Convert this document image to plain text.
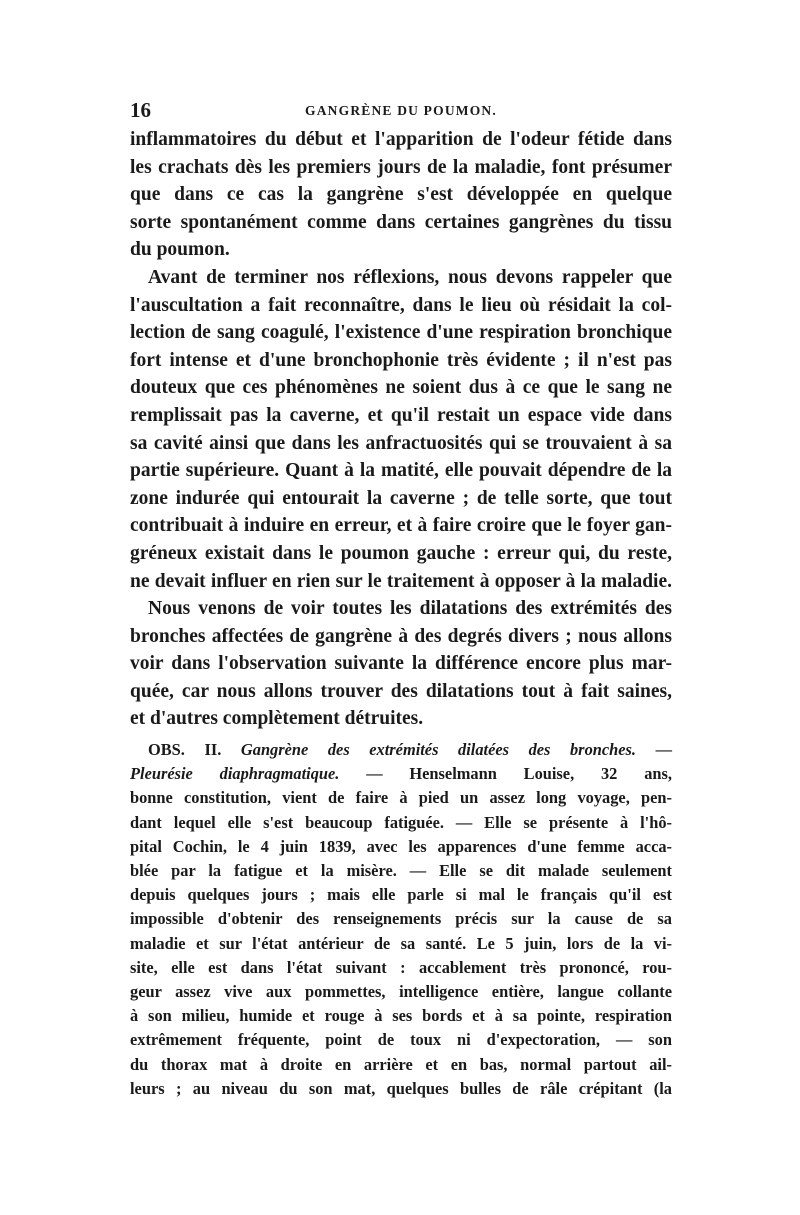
16	GANGRÈNE DU POUMON.
inflammatoires du début et l'apparition de l'odeur fétide dans
les crachats dès les premiers jours de la maladie, font présumer
que dans ce cas la gangrène s'est développée en quelque
sorte spontanément comme dans certaines gangrènes du tissu
du poumon.
Avant de terminer nos réflexions, nous devons rappeler que
l'auscultation a fait reconnaître, dans le lieu où résidait la col-
lection de sang coagulé, l'existence d'une respiration bronchique
fort intense et d'une bronchophonie très évidente ; il n'est pas
douteux que ces phénomènes ne soient dus à ce que le sang ne
remplissait pas la caverne, et qu'il restait un espace vide dans
sa cavité ainsi que dans les anfractuosités qui se trouvaient à sa
partie supérieure. Quant à la matité, elle pouvait dépendre de la
zone indurée qui entourait la caverne ; de telle sorte, que tout
contribuait à induire en erreur, et à faire croire que le foyer gan-
gréneux existait dans le poumon gauche : erreur qui, du reste,
ne devait influer en rien sur le traitement à opposer à la maladie.
Nous venons de voir toutes les dilatations des extrémités des
bronches affectées de gangrène à des degrés divers ; nous allons
voir dans l'observation suivante la différence encore plus mar-
quée, car nous allons trouver des dilatations tout à fait saines,
et d'autres complètement détruites.
OBS. II. Gangrène des extrémités dilatées des bronches. —
Pleurésie diaphragmatique. — Henselmann Louise, 32 ans,
bonne constitution, vient de faire à pied un assez long voyage, pen-
dant lequel elle s'est beaucoup fatiguée. — Elle se présente à l'hô-
pital Cochin, le 4 juin 1839, avec les apparences d'une femme acca-
blée par la fatigue et la misère. — Elle se dit malade seulement
depuis quelques jours ; mais elle parle si mal le français qu'il est
impossible d'obtenir des renseignements précis sur la cause de sa
maladie et sur l'état antérieur de sa santé. Le 5 juin, lors de la vi-
site, elle est dans l'état suivant : accablement très prononcé, rou-
geur assez vive aux pommettes, intelligence entière, langue collante
à son milieu, humide et rouge à ses bords et à sa pointe, respiration
extrêmement fréquente, point de toux ni d'expectoration, — son
du thorax mat à droite en arrière et en bas, normal partout ail-
leurs ; au niveau du son mat, quelques bulles de râle crépitant (la
